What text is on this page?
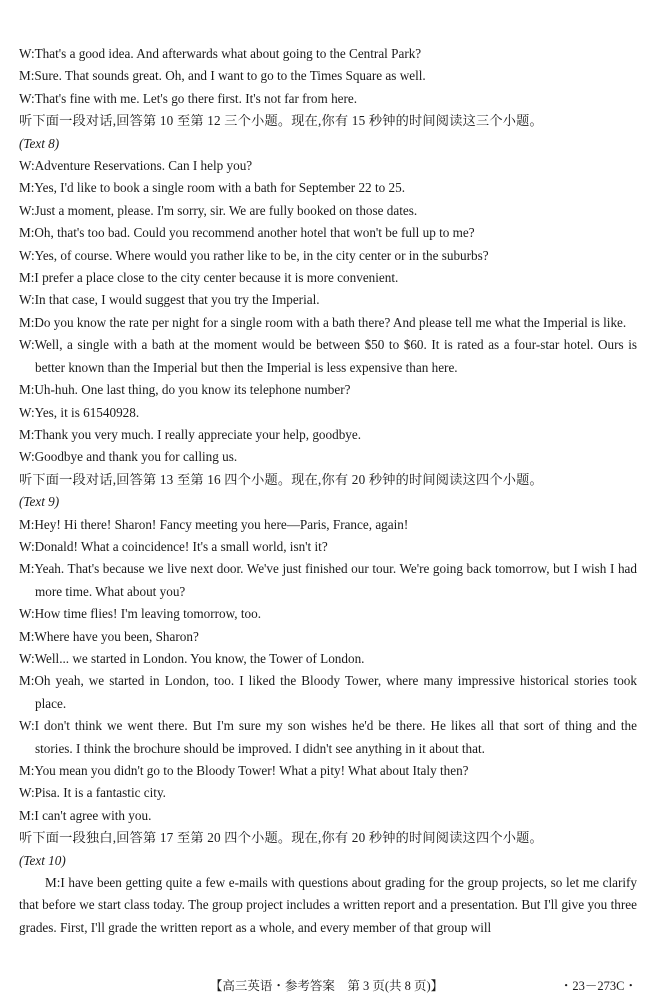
W:That's a good idea. And afterwards what about going to the Central Park?
M:Sure. That sounds great. Oh, and I want to go to the Times Square as well.
W:That's fine with me. Let's go there first. It's not far from here.
听下面一段对话,回答第 10 至第 12 三个小题。现在,你有 15 秒钟的时间阅读这三个小题。
(Text 8)
W:Adventure Reservations. Can I help you?
M:Yes, I'd like to book a single room with a bath for September 22 to 25.
W:Just a moment, please. I'm sorry, sir. We are fully booked on those dates.
M:Oh, that's too bad. Could you recommend another hotel that won't be full up to me?
W:Yes, of course. Where would you rather like to be, in the city center or in the suburbs?
M:I prefer a place close to the city center because it is more convenient.
W:In that case, I would suggest that you try the Imperial.
M:Do you know the rate per night for a single room with a bath there? And please tell me what the Imperial is like.
W:Well, a single with a bath at the moment would be between $50 to $60. It is rated as a four-star hotel. Ours is better known than the Imperial but then the Imperial is less expensive than here.
M:Uh-huh. One last thing, do you know its telephone number?
W:Yes, it is 61540928.
M:Thank you very much. I really appreciate your help, goodbye.
W:Goodbye and thank you for calling us.
听下面一段对话,回答第 13 至第 16 四个小题。现在,你有 20 秒钟的时间阅读这四个小题。
(Text 9)
M:Hey! Hi there! Sharon! Fancy meeting you here—Paris, France, again!
W:Donald! What a coincidence! It's a small world, isn't it?
M:Yeah. That's because we live next door. We've just finished our tour. We're going back tomorrow, but I wish I had more time. What about you?
W:How time flies! I'm leaving tomorrow, too.
M:Where have you been, Sharon?
W:Well... we started in London. You know, the Tower of London.
M:Oh yeah, we started in London, too. I liked the Bloody Tower, where many impressive historical stories took place.
W:I don't think we went there. But I'm sure my son wishes he'd be there. He likes all that sort of thing and the stories. I think the brochure should be improved. I didn't see anything in it about that.
M:You mean you didn't go to the Bloody Tower! What a pity! What about Italy then?
W:Pisa. It is a fantastic city.
M:I can't agree with you.
听下面一段独白,回答第 17 至第 20 四个小题。现在,你有 20 秒钟的时间阅读这四个小题。
(Text 10)
M:I have been getting quite a few e-mails with questions about grading for the group projects, so let me clarify that before we start class today. The group project includes a written report and a presentation. But I'll give you three grades. First, I'll grade the written report as a whole, and every member of that group will
【高三英语・参考答案　第 3 页(共 8 页)】	・23－273C・
